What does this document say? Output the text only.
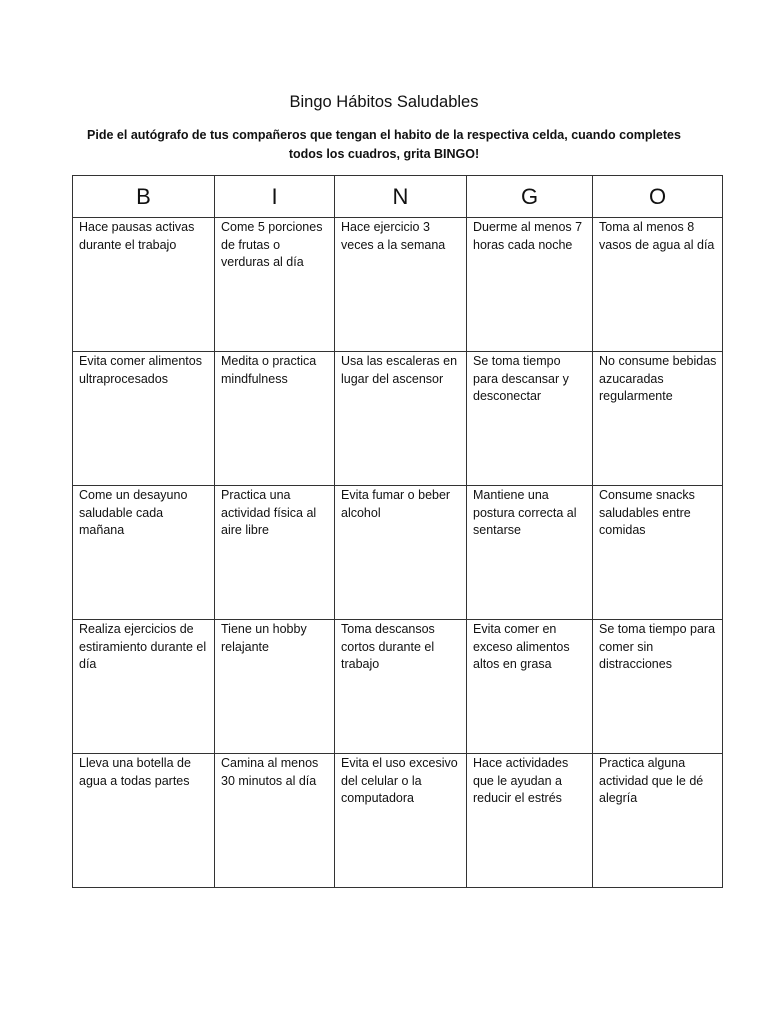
Bingo Hábitos Saludables
Pide el autógrafo de tus compañeros que tengan el habito de la respectiva celda, cuando completes
todos los cuadros, grita BINGO!
B	I	N	G	O

Hace pausas activas durante el trabajo	Come 5 porciones de frutas o verduras al día	Hace ejercicio 3 veces a la semana	Duerme al menos 7 horas cada noche	Toma al menos 8 vasos de agua al día

Evita comer alimentos ultraprocesados	Medita o practica mindfulness	Usa las escaleras en lugar del ascensor	Se toma tiempo para descansar y desconectar	No consume bebidas azucaradas regularmente

Come un desayuno saludable cada mañana	Practica una actividad física al aire libre	Evita fumar o beber alcohol	Mantiene una postura correcta al sentarse	Consume snacks saludables entre comidas

Realiza ejercicios de estiramiento durante el día	Tiene un hobby relajante	Toma descansos cortos durante el trabajo	Evita comer en exceso alimentos altos en grasa	Se toma tiempo para comer sin distracciones

Lleva una botella de agua a todas partes	Camina al menos 30 minutos al día	Evita el uso excesivo del celular o la computadora	Hace actividades que le ayudan a reducir el estrés	Practica alguna actividad que le dé alegría
